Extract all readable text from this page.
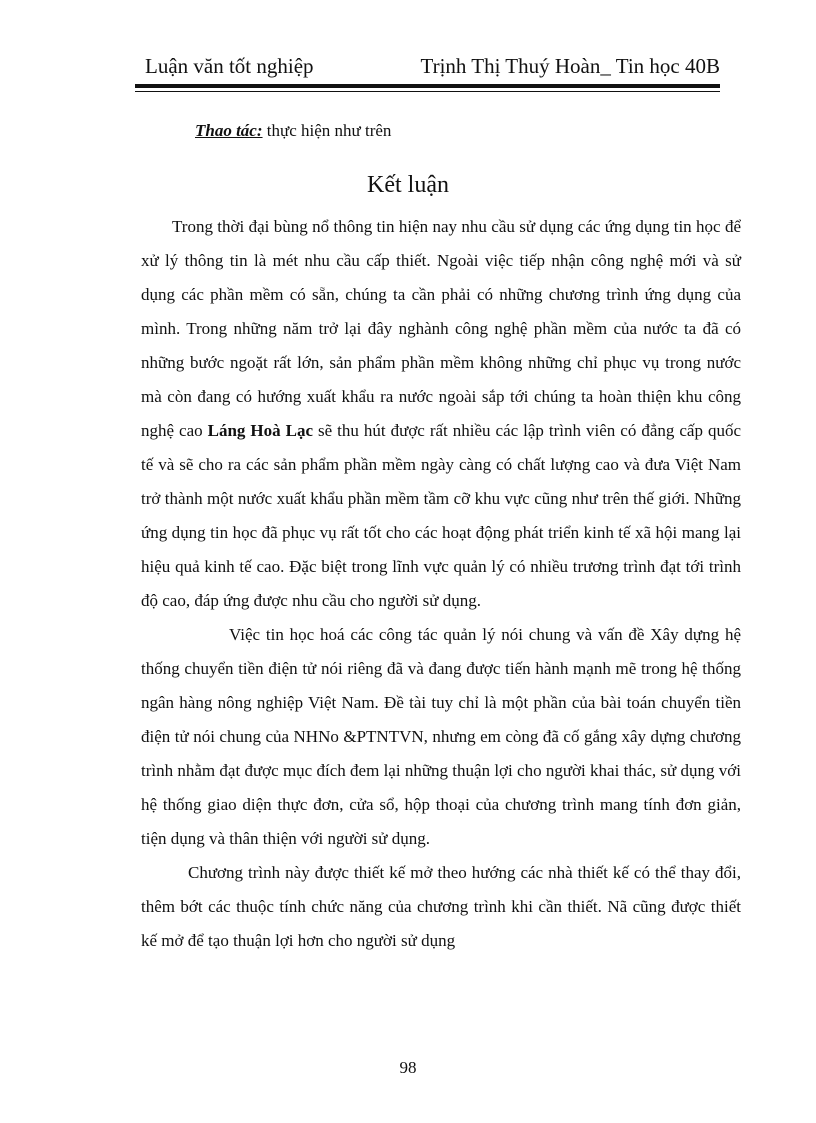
Luận văn tốt nghiệp	Trịnh Thị Thuý Hoàn_ Tin học 40B
Thao tác: thực hiện như trên
Kết luận

Trong thời đại bùng nổ thông tin hiện nay nhu cầu sử dụng các ứng dụng tin học để xử lý thông tin là mét nhu cầu cấp thiết. Ngoài việc tiếp nhận công nghệ mới và sử dụng các phần mềm có sẵn, chúng ta cần phải có những chương trình ứng dụng của mình. Trong những năm trở lại đây nghành công nghệ phần mềm của nước ta đã có những bước ngoặt rất lớn, sản phẩm phần mềm không những chỉ phục vụ trong nước mà còn đang có hướng xuất khẩu ra nước ngoài sắp tới chúng ta hoàn thiện khu công nghệ cao Láng Hoà Lạc sẽ thu hút được rất nhiều các lập trình viên có đẳng cấp quốc tế và sẽ cho ra các sản phẩm phần mềm ngày càng có chất lượng cao và đưa Việt Nam trở thành một nước xuất khẩu phần mềm tầm cỡ khu vực cũng như trên thế giới. Những ứng dụng tin học đã phục vụ rất tốt cho các hoạt động phát triển kinh tế xã hội mang lại hiệu quả kinh tế cao. Đặc biệt trong lĩnh vực quản lý có nhiều trương trình đạt tới trình độ cao, đáp ứng được nhu cầu cho người sử dụng.

Việc tin học hoá các công tác quản lý nói chung và vấn đề Xây dựng hệ thống chuyển tiền điện tử nói riêng đã và đang được tiến hành mạnh mẽ trong hệ thống ngân hàng nông nghiệp Việt Nam. Đề tài tuy chỉ là một phần của bài toán chuyển tiền điện tử nói chung của NHNo &PTNTVN, nhưng em còng đã cố gắng xây dựng chương trình nhằm đạt được mục đích đem lại những thuận lợi cho người khai thác, sử dụng với hệ thống giao diện thực đơn, cửa sổ, hộp thoại của chương trình mang tính đơn giản, tiện dụng và thân thiện với người sử dụng.

Chương trình này được thiết kế mở theo hướng các nhà thiết kế có thể thay đổi, thêm bớt các thuộc tính chức năng của chương trình khi cần thiết. Nã cũng được thiết kế mở để tạo thuận lợi hơn cho người sử dụng

98
